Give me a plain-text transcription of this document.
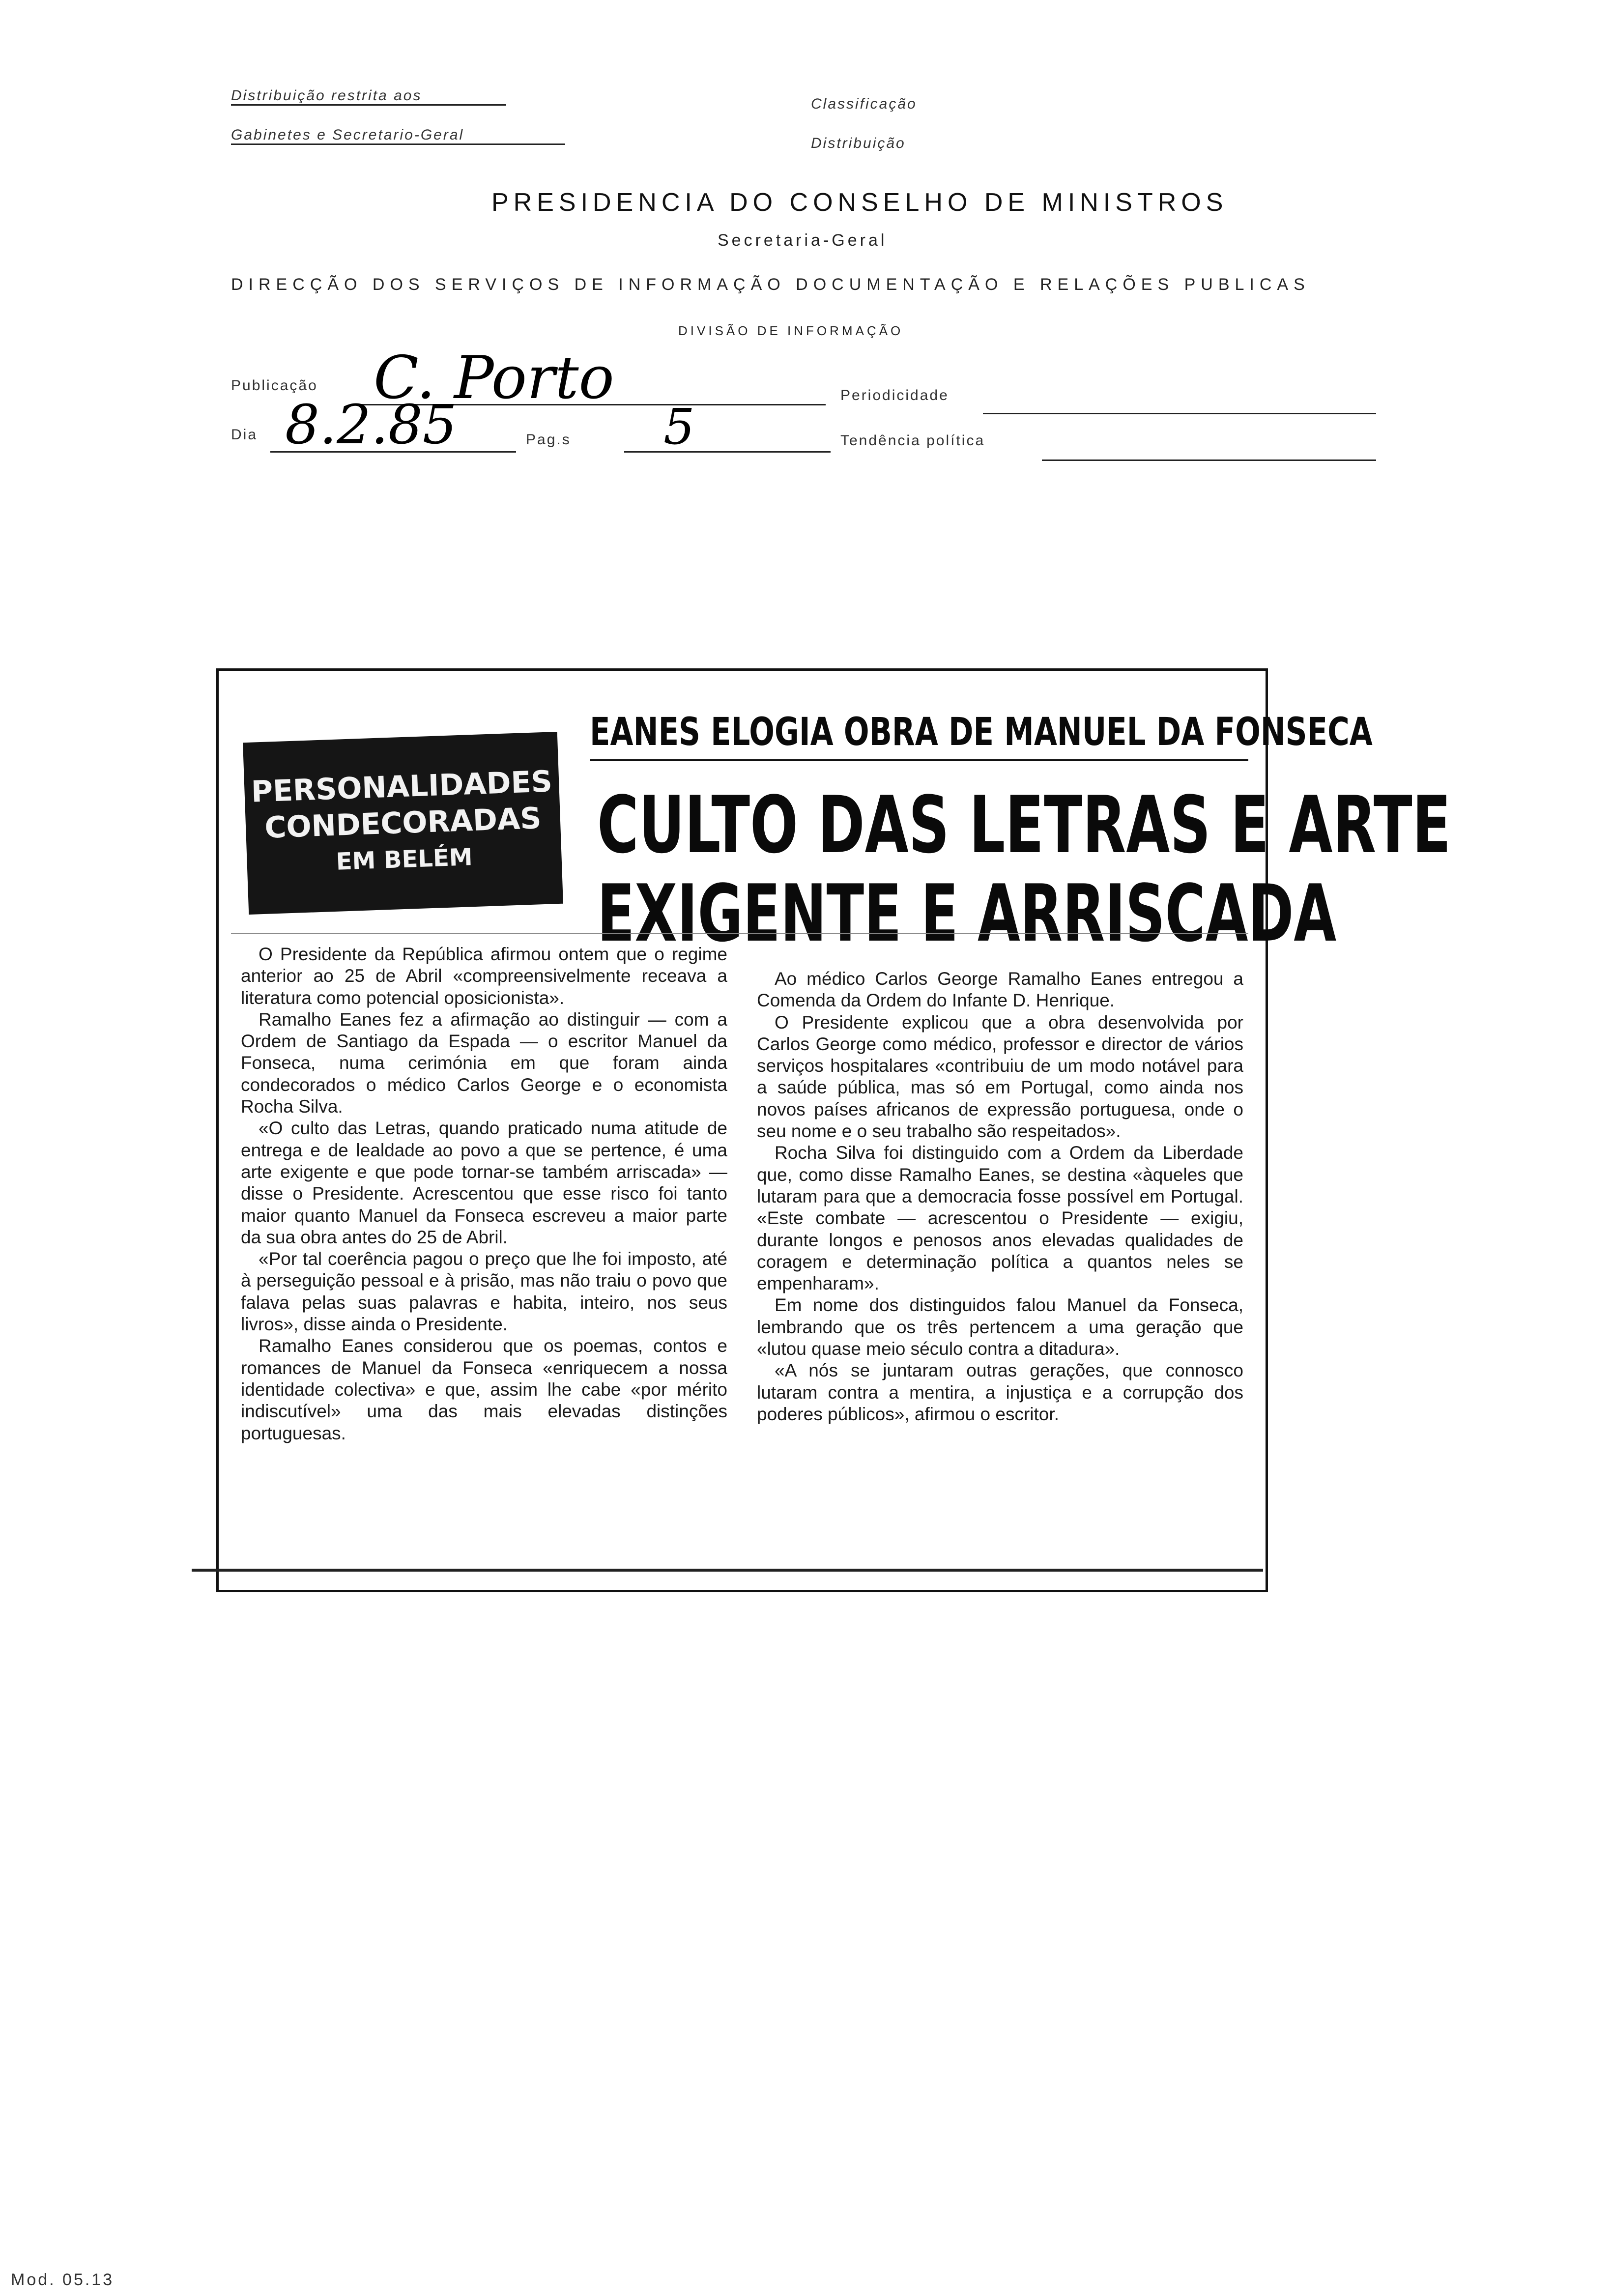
Distribuição restrita aos
Gabinetes e Secretario-Geral
Classificação
Distribuição
PRESIDENCIA DO CONSELHO DE MINISTROS
Secretaria-Geral
DIRECÇÃO DOS SERVIÇOS DE INFORMAÇÃO DOCUMENTAÇÃO E RELAÇÕES PUBLICAS
DIVISÃO DE INFORMAÇÃO
Publicação C. Porto	Periodicidade
Dia 8.2.85	Pag.s 5	Tendência política
PERSONALIDADES
CONDECORADAS
EM BELÉM
EANES ELOGIA OBRA DE MANUEL DA FONSECA
CULTO DAS LETRAS E ARTE
EXIGENTE E ARRISCADA

O Presidente da República afirmou ontem que o regime anterior ao 25 de Abril «compreensivelmente receava a literatura como potencial oposicionista».

Ramalho Eanes fez a afirmação ao distinguir — com a Ordem de Santiago da Espada — o escritor Manuel da Fonseca, numa cerimónia em que foram ainda condecorados o médico Carlos George e o economista Rocha Silva.

«O culto das Letras, quando praticado numa atitude de entrega e de lealdade ao povo a que se pertence, é uma arte exigente e que pode tornar-se também arriscada» — disse o Presidente. Acrescentou que esse risco foi tanto maior quanto Manuel da Fonseca escreveu a maior parte da sua obra antes do 25 de Abril.

«Por tal coerência pagou o preço que lhe foi imposto, até à perseguição pessoal e à prisão, mas não traiu o povo que falava pelas suas palavras e habita, inteiro, nos seus livros», disse ainda o Presidente.

Ramalho Eanes considerou que os poemas, contos e romances de Manuel da Fonseca «enriquecem a nossa identidade colectiva» e que, assim lhe cabe «por mérito indiscutível» uma das mais elevadas distinções portuguesas.

Ao médico Carlos George Ramalho Eanes entregou a Comenda da Ordem do Infante D. Henrique.

O Presidente explicou que a obra desenvolvida por Carlos George como médico, professor e director de vários serviços hospitalares «contribuiu de um modo notável para a saúde pública, mas só em Portugal, como ainda nos novos países africanos de expressão portuguesa, onde o seu nome e o seu trabalho são respeitados».

Rocha Silva foi distinguido com a Ordem da Liberdade que, como disse Ramalho Eanes, se destina «àqueles que lutaram para que a democracia fosse possível em Portugal. «Este combate — acrescentou o Presidente — exigiu, durante longos e penosos anos elevadas qualidades de coragem e determinação política a quantos neles se empenharam».

Em nome dos distinguidos falou Manuel da Fonseca, lembrando que os três pertencem a uma geração que «lutou quase meio século contra a ditadura».

«A nós se juntaram outras gerações, que connosco lutaram contra a mentira, a injustiça e a corrupção dos poderes públicos», afirmou o escritor.

Mod. 05.13
